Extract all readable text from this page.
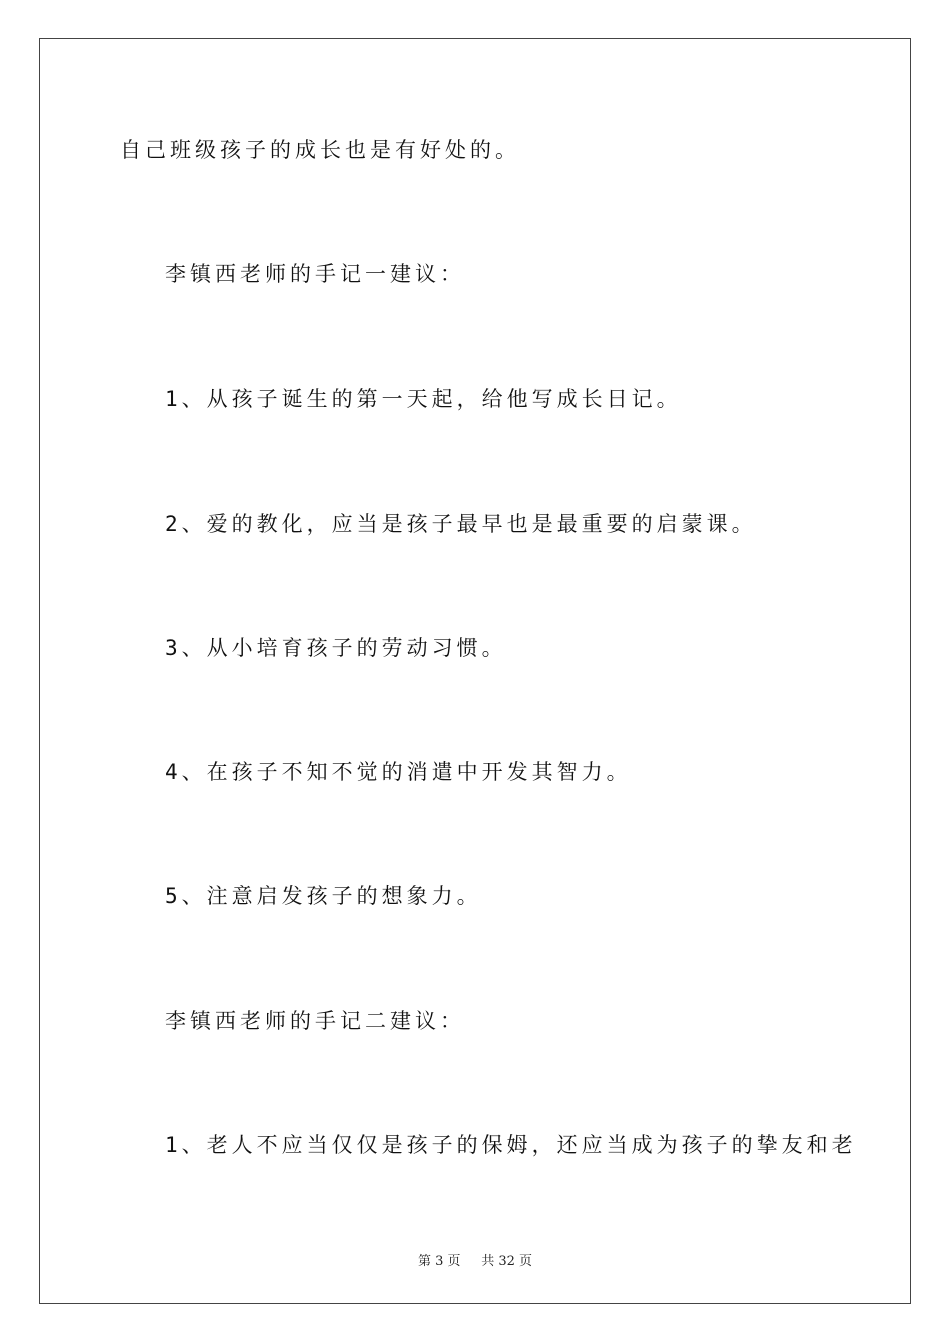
自己班级孩子的成长也是有好处的。

李镇西老师的手记一建议：

1、从孩子诞生的第一天起，给他写成长日记。

2、爱的教化，应当是孩子最早也是最重要的启蒙课。

3、从小培育孩子的劳动习惯。

4、在孩子不知不觉的消遣中开发其智力。

5、注意启发孩子的想象力。

李镇西老师的手记二建议：

1、老人不应当仅仅是孩子的保姆，还应当成为孩子的挚友和老

第 3 页 共 32 页
